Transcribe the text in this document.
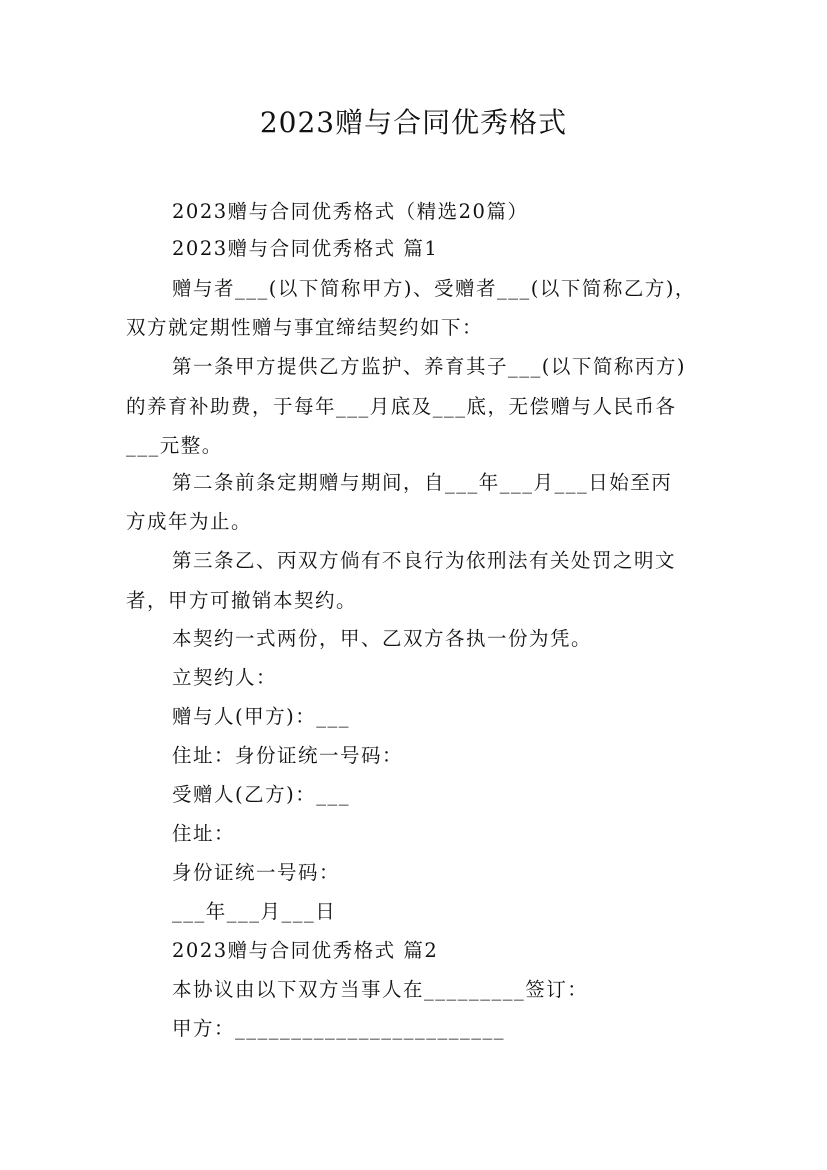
2023赠与合同优秀格式
2023赠与合同优秀格式（精选20篇）
2023赠与合同优秀格式 篇1
赠与者___(以下简称甲方)、受赠者___(以下简称乙方)，
双方就定期性赠与事宜缔结契约如下：
第一条甲方提供乙方监护、养育其子___(以下简称丙方)
的养育补助费，于每年___月底及___底，无偿赠与人民币各
___元整。
第二条前条定期赠与期间，自___年___月___日始至丙
方成年为止。
第三条乙、丙双方倘有不良行为依刑法有关处罚之明文
者，甲方可撤销本契约。
本契约一式两份，甲、乙双方各执一份为凭。
立契约人：
赠与人(甲方)：___
住址：身份证统一号码：
受赠人(乙方)：___
住址：
身份证统一号码：
___年___月___日
2023赠与合同优秀格式 篇2
本协议由以下双方当事人在_________签订：
甲方：________________________
